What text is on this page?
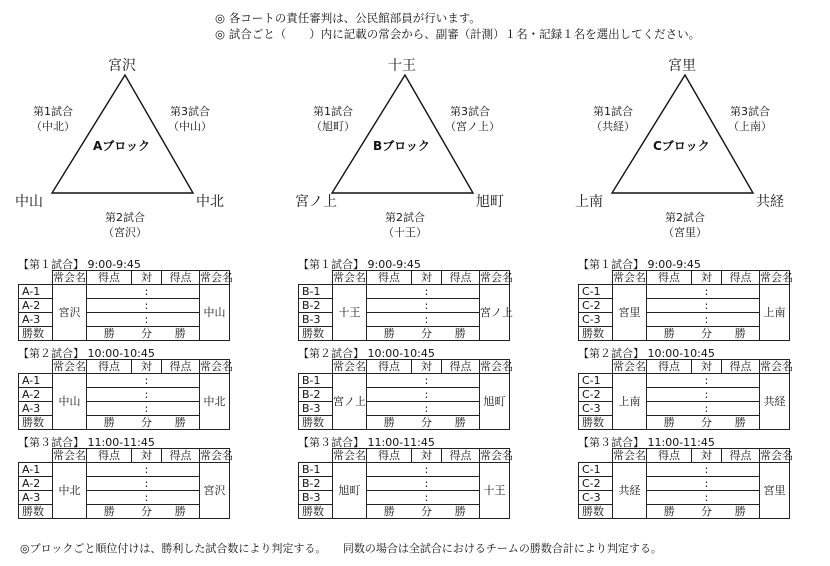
◎ 各コートの責任審判は、公民館部員が行います。
◎ 試合ごと（　　）内に記載の常会から、副審（計測）１名・記録１名を選出してください。
宮沢
中山	中北
Aブロック
第1試合
（中北）
第3試合
（中山）
第2試合
（宮沢）
【第１試合】 9:00-9:45
	常会名	得点	対	得点	常会名
A-1	宮沢		:		中山
A-2			:		
A-3			:		
勝数		勝	分	勝	
【第２試合】 10:00-10:45
	常会名	得点	対	得点	常会名
A-1	中山		:		中北
A-2			:		
A-3			:		
勝数		勝	分	勝	
【第３試合】 11:00-11:45
	常会名	得点	対	得点	常会名
A-1	中北		:		宮沢
A-2			:		
A-3			:		
勝数		勝	分	勝	
十王
宮ノ上	旭町
Bブロック
第1試合
（旭町）
第3試合
（宮ノ上）
第2試合
（十王）
【第１試合】 9:00-9:45
	常会名	得点	対	得点	常会名
B-1	十王		:		宮ノ上
B-2			:		
B-3			:		
勝数		勝	分	勝	
【第２試合】 10:00-10:45
	常会名	得点	対	得点	常会名
B-1	宮ノ上		:		旭町
B-2			:		
B-3			:		
勝数		勝	分	勝	
【第３試合】 11:00-11:45
	常会名	得点	対	得点	常会名
B-1	旭町		:		十王
B-2			:		
B-3			:		
勝数		勝	分	勝	
宮里
上南	共経
Cブロック
第1試合
（共経）
第3試合
（上南）
第2試合
（宮里）
【第１試合】 9:00-9:45
	常会名	得点	対	得点	常会名
C-1	宮里		:		上南
C-2			:		
C-3			:		
勝数		勝	分	勝	
【第２試合】 10:00-10:45
	常会名	得点	対	得点	常会名
C-1	上南		:		共経
C-2			:		
C-3			:		
勝数		勝	分	勝	
【第３試合】 11:00-11:45
	常会名	得点	対	得点	常会名
C-1	共経		:		宮里
C-2			:		
C-3			:		
勝数		勝	分	勝	
◎ブロックごと順位付けは、勝利した試合数により判定する。　　同数の場合は全試合におけるチームの勝数合計により判定する。
